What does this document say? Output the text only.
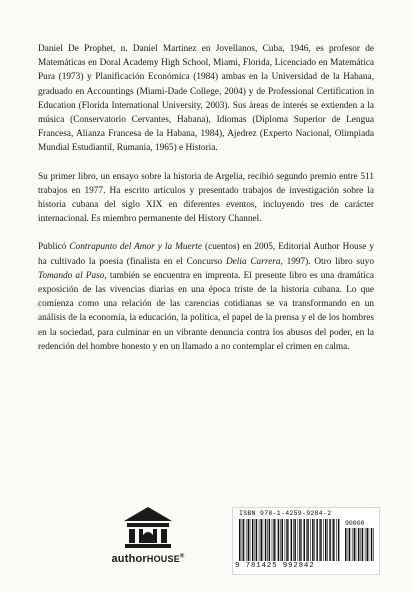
Daniel De Prophet, n. Daniel Martínez en Jovellanos, Cuba, 1946, es profesor de Matemáticas en Doral Academy High School, Miami, Florida, Licenciado en Matemática Pura (1973) y Planificación Económica (1984) ambas en la Universidad de la Habana, graduado en Accountings (Miami-Dade College, 2004) y de Professional Certification in Education (Florida International University, 2003). Sus áreas de interés se extienden a la música (Conservatorio Cervantes, Habana), Idiomas (Diploma Superior de Lengua Francesa, Alianza Francesa de la Habana, 1984), Ajedrez (Experto Nacional, Olimpiada Mundial Estudiantil, Rumania, 1965) e Historia.

Su primer libro, un ensayo sobre la historia de Argelia, recibió segundo premio entre 511 trabajos en 1977. Ha escrito artículos y presentado trabajos de investigación sobre la historia cubana del siglo XIX en diferentes eventos, incluyendo tres de carácter internacional. Es miembro permanente del History Channel.

Publicó Contrapunto del Amor y la Muerte (cuentos) en 2005, Editorial Author House y ha cultivado la poesía (finalista en el Concurso Delia Carrera, 1997). Otro libro suyo Tomando al Paso, también se encuentra en imprenta. El presente libro es una dramática exposición de las vivencias diarias en una época triste de la historia cubana. Lo que comienza como una relación de las carencias cotidianas se va transformando en un análisis de la economía, la educación, la política, el papel de la prensa y el de los hombres en la sociedad, para culminar en un vibrante denuncia contra los abusos del poder, en la redención del hombre honesto y en un llamado a no contemplar el crimen en calma.

authorHOUSE®
ISBN 978-1-4259-9284-2
90000
9 781425 992842
